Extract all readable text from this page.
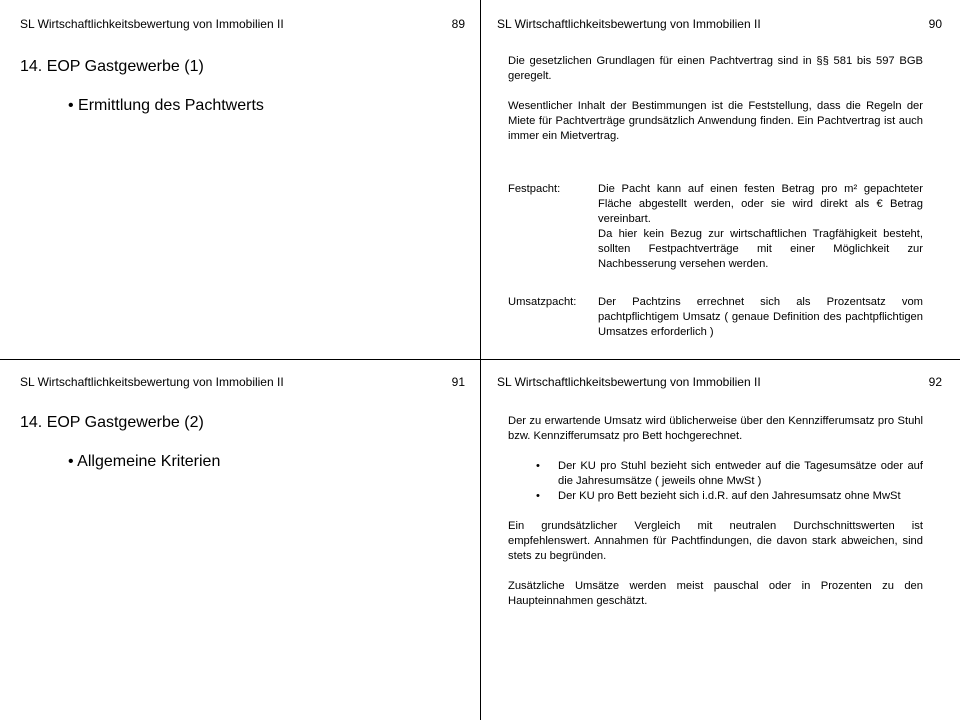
SL Wirtschaftlichkeitsbewertung von Immobilien II	89
14. EOP Gastgewerbe (1)
• Ermittlung des Pachtwerts
SL Wirtschaftlichkeitsbewertung von Immobilien II	90

Die gesetzlichen Grundlagen für einen Pachtvertrag sind in §§ 581 bis 597 BGB geregelt.

Wesentlicher Inhalt der Bestimmungen ist die Feststellung, dass die Regeln der Miete für Pachtverträge grundsätzlich Anwendung finden. Ein Pachtvertrag ist auch immer ein Mietvertrag.

Festpacht:	Die Pacht kann auf einen festen Betrag pro m² gepachteter Fläche abgestellt werden, oder sie wird direkt als € Betrag vereinbart.

Da hier kein Bezug zur wirtschaftlichen Tragfähigkeit besteht, sollten Festpachtverträge mit einer Möglichkeit zur Nachbesserung versehen werden.

Umsatzpacht: Der Pachtzins errechnet sich als Prozentsatz vom pachtpflichtigem Umsatz ( genaue Definition des pachtpflichtigen Umsatzes erforderlich )

SL Wirtschaftlichkeitsbewertung von Immobilien II	91
14. EOP Gastgewerbe (2)
• Allgemeine Kriterien
SL Wirtschaftlichkeitsbewertung von Immobilien II	92

Der zu erwartende Umsatz wird üblicherweise über den Kennzifferumsatz pro Stuhl bzw. Kennzifferumsatz pro Bett hochgerechnet.

• Der KU pro Stuhl bezieht sich entweder auf die Tagesumsätze oder auf die Jahresumsätze ( jeweils ohne MwSt )
• Der KU pro Bett bezieht sich i.d.R. auf den Jahresumsatz ohne MwSt

Ein grundsätzlicher Vergleich mit neutralen Durchschnittswerten ist empfehlenswert. Annahmen für Pachtfindungen, die davon stark abweichen, sind stets zu begründen.

Zusätzliche Umsätze werden meist pauschal oder in Prozenten zu den Haupteinnahmen geschätzt.
